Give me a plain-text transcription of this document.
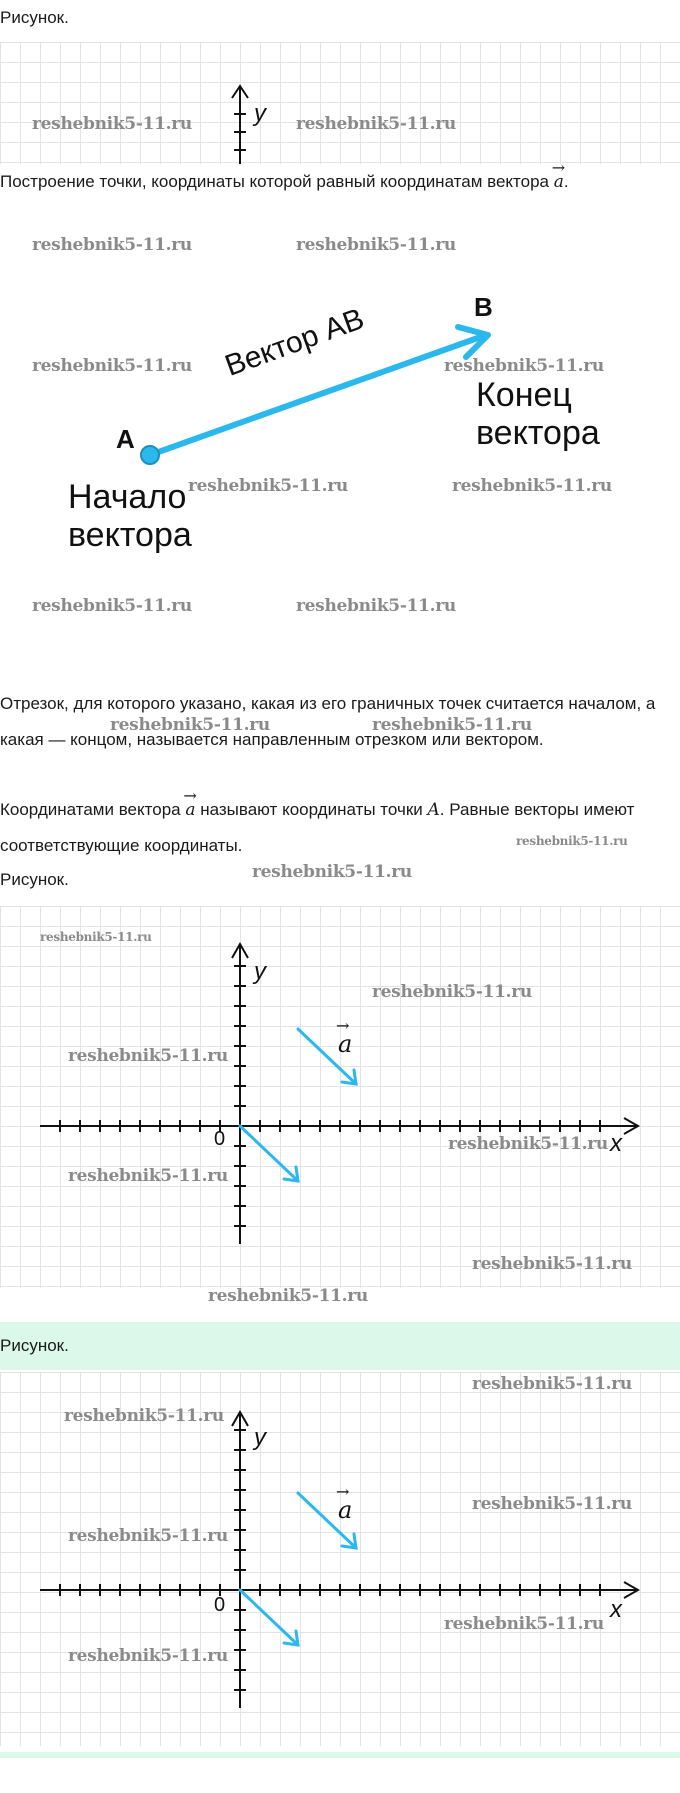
Рисунок.
y
reshebnik5-11.ru	reshebnik5-11.ru
Построение точки, координаты которой равный координатам вектора → a.
B
A
Вектор AB
Конец
вектора
Начало
вектора
reshebnik5-11.ru	reshebnik5-11.ru
reshebnik5-11.ru	reshebnik5-11.ru
reshebnik5-11.ru	reshebnik5-11.ru
reshebnik5-11.ru	reshebnik5-11.ru
Отрезок, для которого указано, какая из его граничных точек считается началом, а какая — концом, называется направленным отрезком или вектором.
Координатами вектора → a называют координаты точки A. Равные векторы имеют соответствующие координаты.
reshebnik5-11.ru	reshebnik5-11.ru
reshebnik5-11.ru
reshebnik5-11.ru
Рисунок.
y
x
0
→ a
reshebnik5-11.ru
reshebnik5-11.ru
reshebnik5-11.ru
reshebnik5-11.ru
reshebnik5-11.ru
reshebnik5-11.ru
reshebnik5-11.ru
Рисунок.
y
x
0
→ a
reshebnik5-11.ru
reshebnik5-11.ru
reshebnik5-11.ru
reshebnik5-11.ru
reshebnik5-11.ru
reshebnik5-11.ru
